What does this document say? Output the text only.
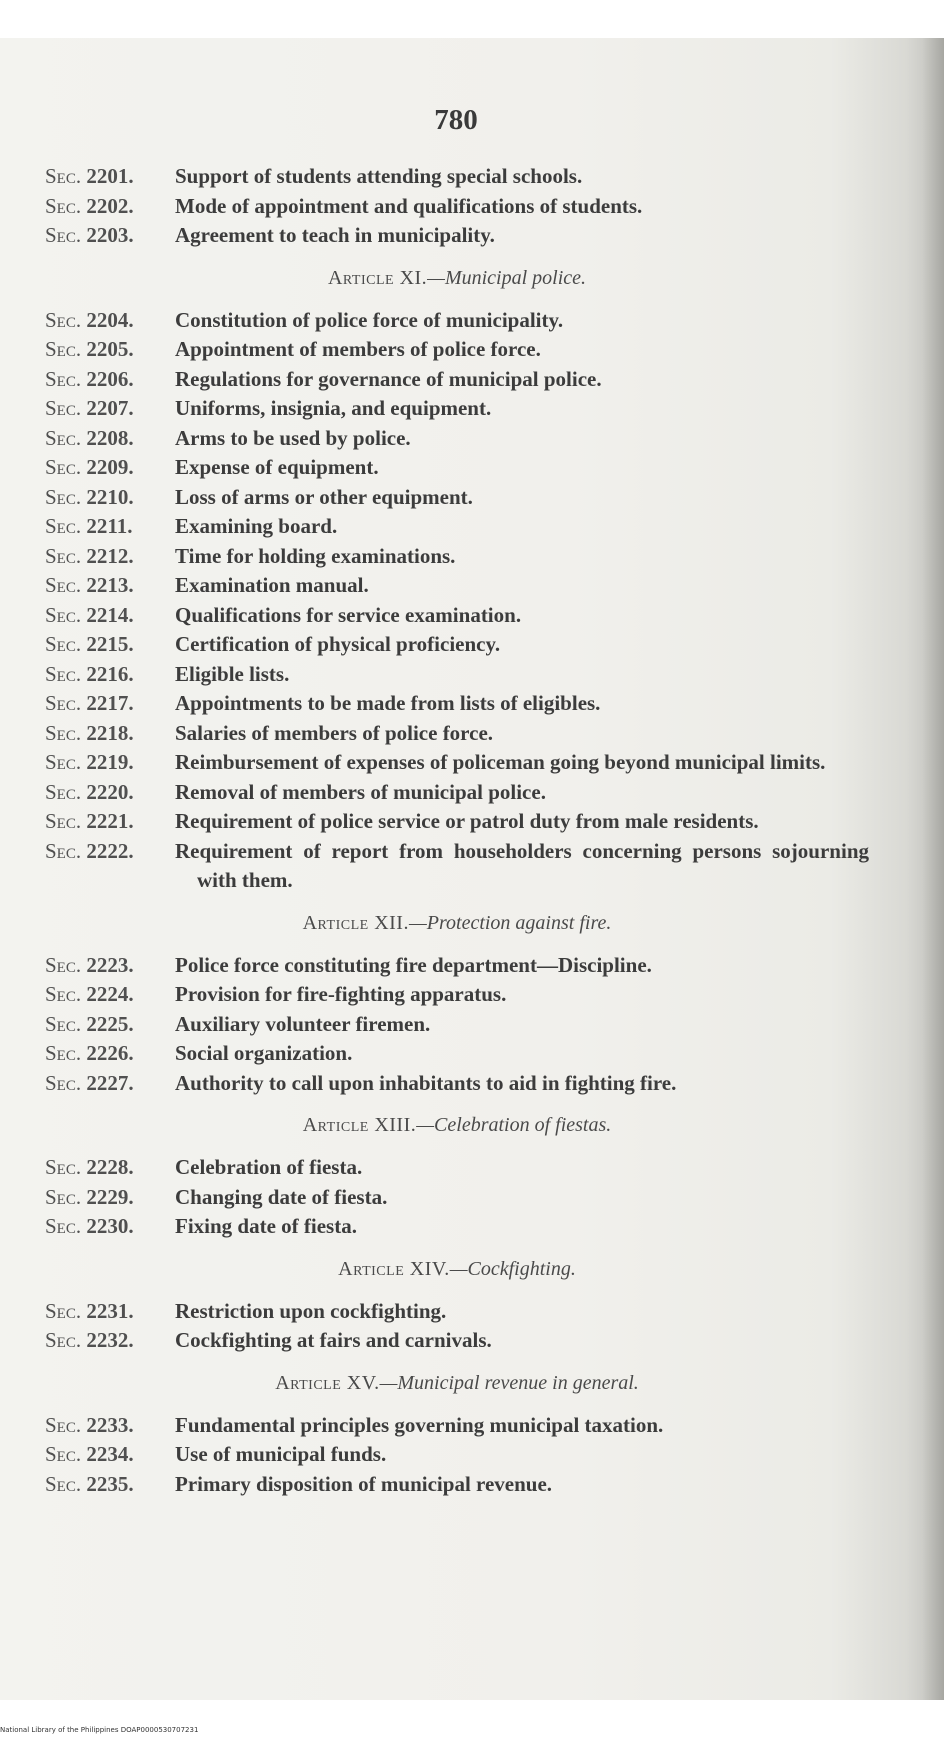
780
Sec. 2201.	Support of students attending special schools.
Sec. 2202.	Mode of appointment and qualifications of students.
Sec. 2203.	Agreement to teach in municipality.
Article XI.—Municipal police.
Sec. 2204.	Constitution of police force of municipality.
Sec. 2205.	Appointment of members of police force.
Sec. 2206.	Regulations for governance of municipal police.
Sec. 2207.	Uniforms, insignia, and equipment.
Sec. 2208.	Arms to be used by police.
Sec. 2209.	Expense of equipment.
Sec. 2210.	Loss of arms or other equipment.
Sec. 2211.	Examining board.
Sec. 2212.	Time for holding examinations.
Sec. 2213.	Examination manual.
Sec. 2214.	Qualifications for service examination.
Sec. 2215.	Certification of physical proficiency.
Sec. 2216.	Eligible lists.
Sec. 2217.	Appointments to be made from lists of eligibles.
Sec. 2218.	Salaries of members of police force.
Sec. 2219.	Reimbursement of expenses of policeman going beyond municipal limits.
Sec. 2220.	Removal of members of municipal police.
Sec. 2221.	Requirement of police service or patrol duty from male residents.
Sec. 2222.	Requirement of report from householders concerning persons sojourning with them.
Article XII.—Protection against fire.
Sec. 2223.	Police force constituting fire department—Discipline.
Sec. 2224.	Provision for fire-fighting apparatus.
Sec. 2225.	Auxiliary volunteer firemen.
Sec. 2226.	Social organization.
Sec. 2227.	Authority to call upon inhabitants to aid in fighting fire.
Article XIII.—Celebration of fiestas.
Sec. 2228.	Celebration of fiesta.
Sec. 2229.	Changing date of fiesta.
Sec. 2230.	Fixing date of fiesta.
Article XIV.—Cockfighting.
Sec. 2231.	Restriction upon cockfighting.
Sec. 2232.	Cockfighting at fairs and carnivals.
Article XV.—Municipal revenue in general.
Sec. 2233.	Fundamental principles governing municipal taxation.
Sec. 2234.	Use of municipal funds.
Sec. 2235.	Primary disposition of municipal revenue.
National Library of the Philippines DOAP0000530707231
